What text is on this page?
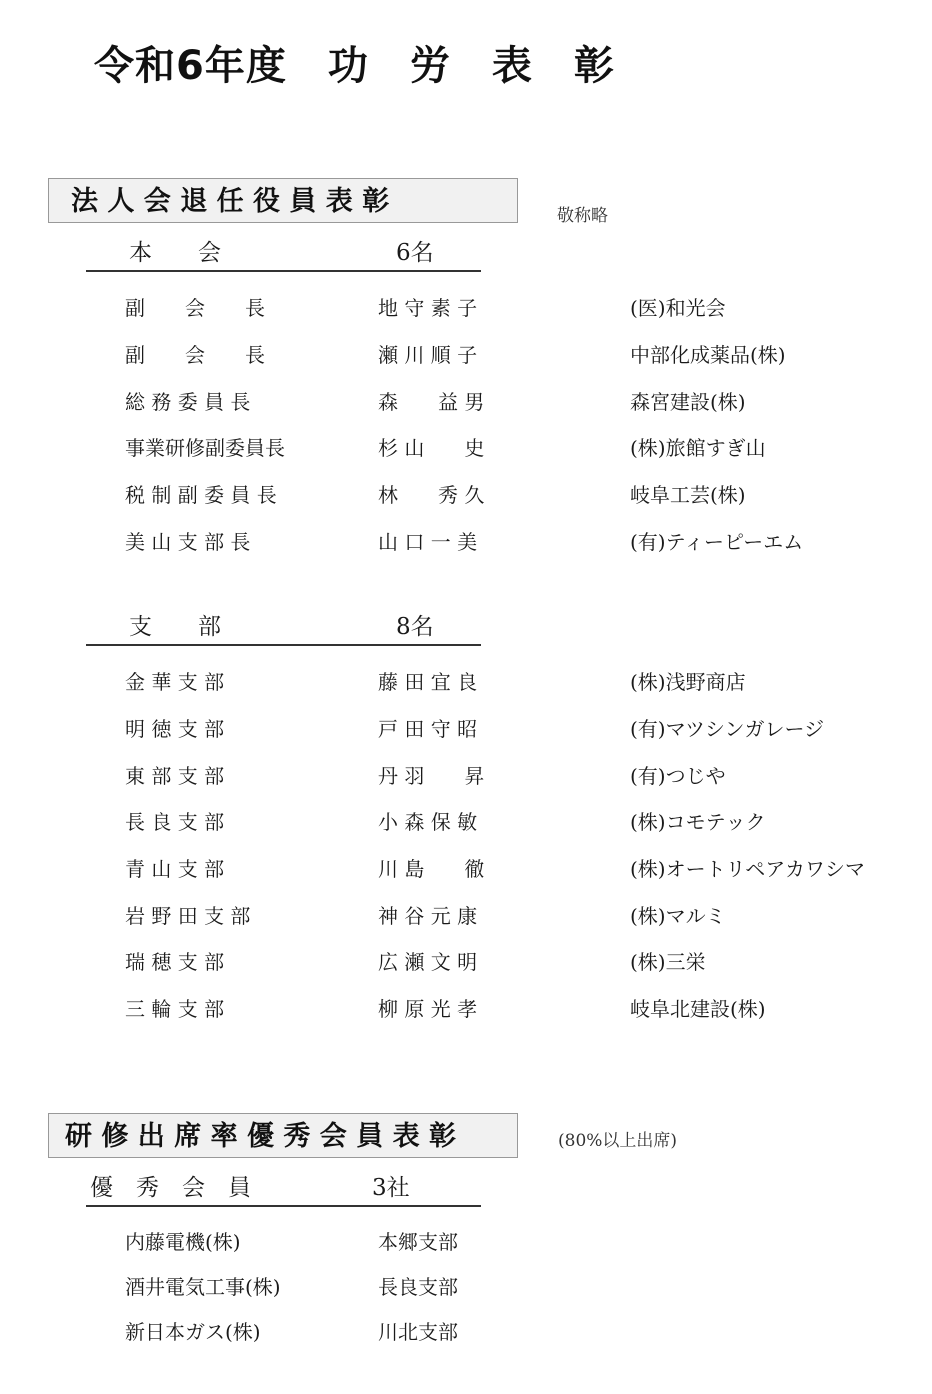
令和6年度　功　労　表　彰
法 人 会 退 任 役 員 表 彰	敬称略
本　　会	6名
副　　会　　長	地 守 素 子	(医)和光会
副　　会　　長	瀬 川 順 子	中部化成薬品(株)
総 務 委 員 長	森　　益 男	森宮建設(株)
事業研修副委員長	杉 山　　史	(株)旅館すぎ山
税 制 副 委 員 長	林　　秀 久	岐阜工芸(株)
美 山 支 部 長	山 口 一 美	(有)ティーピーエム
支　　部	8名
金 華 支 部	藤 田 宜 良	(株)浅野商店
明 徳 支 部	戸 田 守 昭	(有)マツシンガレージ
東 部 支 部	丹 羽　　昇	(有)つじや
長 良 支 部	小 森 保 敏	(株)コモテック
青 山 支 部	川 島　　徹	(株)オートリペアカワシマ
岩 野 田 支 部	神 谷 元 康	(株)マルミ
瑞 穂 支 部	広 瀬 文 明	(株)三栄
三 輪 支 部	柳 原 光 孝	岐阜北建設(株)
研 修 出 席 率 優 秀 会 員 表 彰	(80%以上出席)
優　秀　会　員	3社
内藤電機(株)	本郷支部
酒井電気工事(株)	長良支部
新日本ガス(株)	川北支部
